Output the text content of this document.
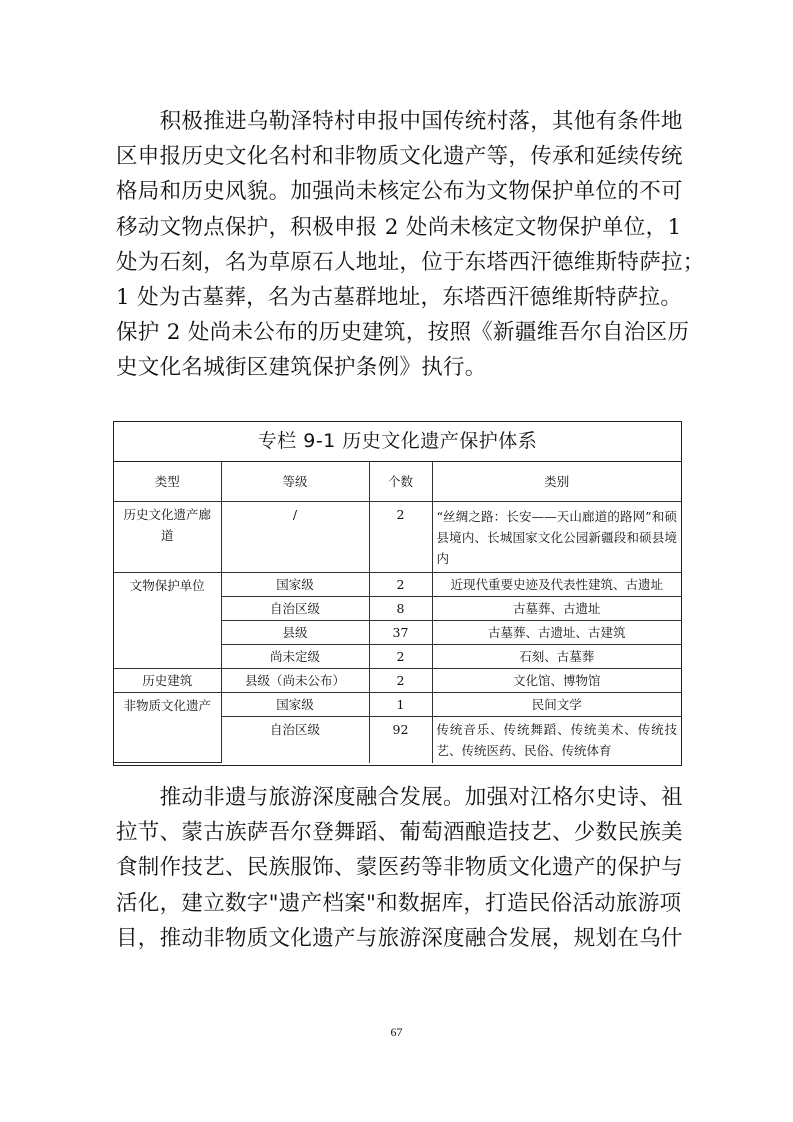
　　积极推进乌勒泽特村申报中国传统村落，其他有条件地
区申报历史文化名村和非物质文化遗产等，传承和延续传统
格局和历史风貌。加强尚未核定公布为文物保护单位的不可
移动文物点保护，积极申报 2 处尚未核定文物保护单位，1
处为石刻，名为草原石人地址，位于东塔西汗德维斯特萨拉；
1 处为古墓葬，名为古墓群地址，东塔西汗德维斯特萨拉。
保护 2 处尚未公布的历史建筑，按照《新疆维吾尔自治区历
史文化名城街区建筑保护条例》执行。
专栏 9-1 历史文化遗产保护体系
类型	等级	个数	类别
历史文化遗产廊道	/	2	“丝绸之路：长安——天山廊道的路网”和硕县境内、长城国家文化公园新疆段和硕县境内
文物保护单位	国家级	2	近现代重要史迹及代表性建筑、古遗址
	自治区级	8	古墓葬、古遗址
	县级	37	古墓葬、古遗址、古建筑
	尚未定级	2	石刻、古墓葬
历史建筑	县级（尚未公布）	2	文化馆、博物馆
非物质文化遗产	国家级	1	民间文学
	自治区级	92	传统音乐、传统舞蹈、传统美术、传统技艺、传统医药、民俗、传统体育
　　推动非遗与旅游深度融合发展。加强对江格尔史诗、祖
拉节、蒙古族萨吾尔登舞蹈、葡萄酒酿造技艺、少数民族美
食制作技艺、民族服饰、蒙医药等非物质文化遗产的保护与
活化，建立数字"遗产档案"和数据库，打造民俗活动旅游项
目，推动非物质文化遗产与旅游深度融合发展，规划在乌什
67
